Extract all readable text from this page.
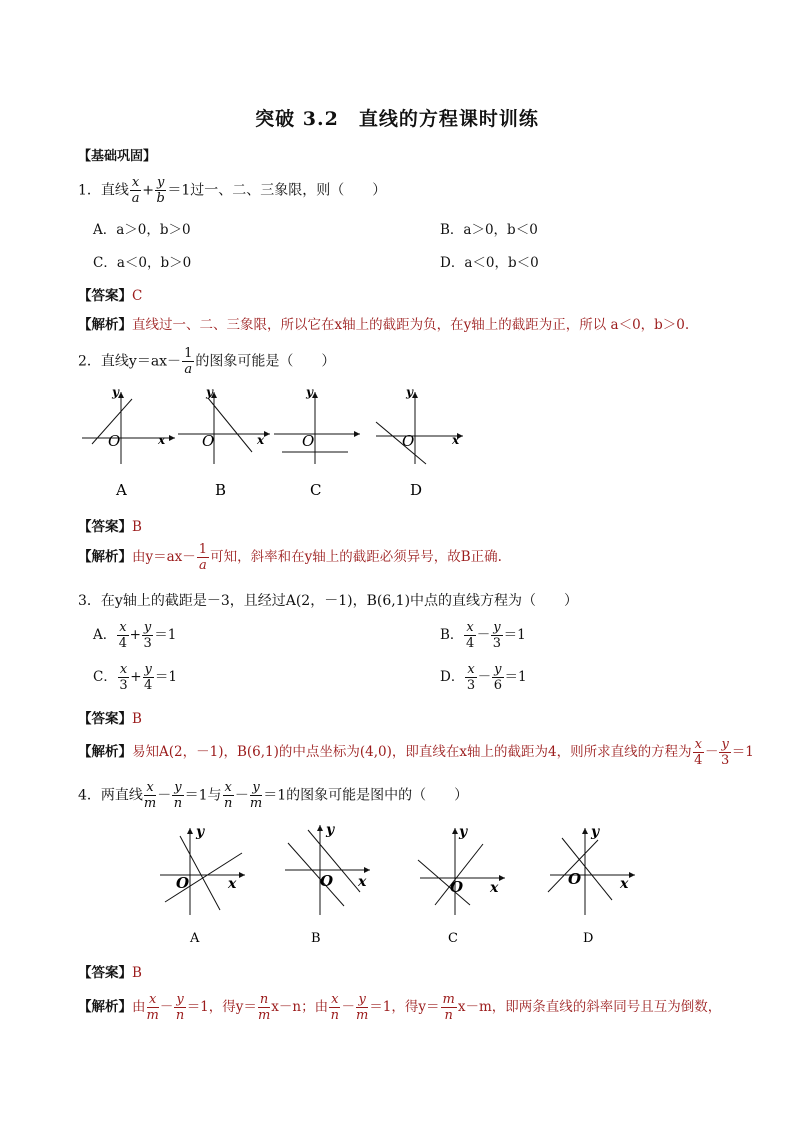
突破 3.2　直线的方程课时训练
【基础巩固】
1．直线 $\frac{x}{a} + \frac{y}{b} =1$过一、二、三象限，则（　　）
A．a＞0，b＞0	B．a＞0，b＜0
C．a＜0，b＞0	D．a＜0，b＜0
【答案】C
【解析】直线过一、二、三象限，所以它在x轴上的截距为负，在y轴上的截距为正，所以 a＜0，b＞0.
2．直线$y=ax- \frac{1}{a}$ 的图象可能是（　　）
O	x
y
A
O	x
y
B
O
y
C
O	x
y
D
【答案】B
【解析】由$y=ax- \frac{1}{a}$ 可知，斜率和在y轴上的截距必须异号，故B正确.
3．在y轴上的截距是－3，且经过A(2，－1)，B(6,1)中点的直线方程为（　　）
A． $\frac{x}{4} + \frac{y}{3} =1$	B． $\frac{x}{4} - \frac{y}{3} =1$
C． $\frac{x}{3} + \frac{y}{4} =1$	D． $\frac{x}{3} - \frac{y}{6} =1$
【答案】B
【解析】易知A(2，－1)，B(6,1)的中点坐标为(4,0)，即直线在x轴上的截距为4，则所求直线的方程为 $\frac{x}{4} - \frac{y}{3} =1$
4．两直线 $\frac{x}{m} - \frac{y}{n} =1$与 $\frac{x}{n} - \frac{y}{m} =1$的图象可能是图中的（　　）
O	x
y
A
O x
y
B
O x
y
C
O	x
y
D
【答案】B
【解析】由 $\frac{x}{m} - \frac{y}{n} =1$，得$y= \frac{n}{m} x-n$；由 $\frac{x}{n} - \frac{y}{m} =1$，得$y= \frac{m}{n} x-m$，即两条直线的斜率同号且互为倒数，
